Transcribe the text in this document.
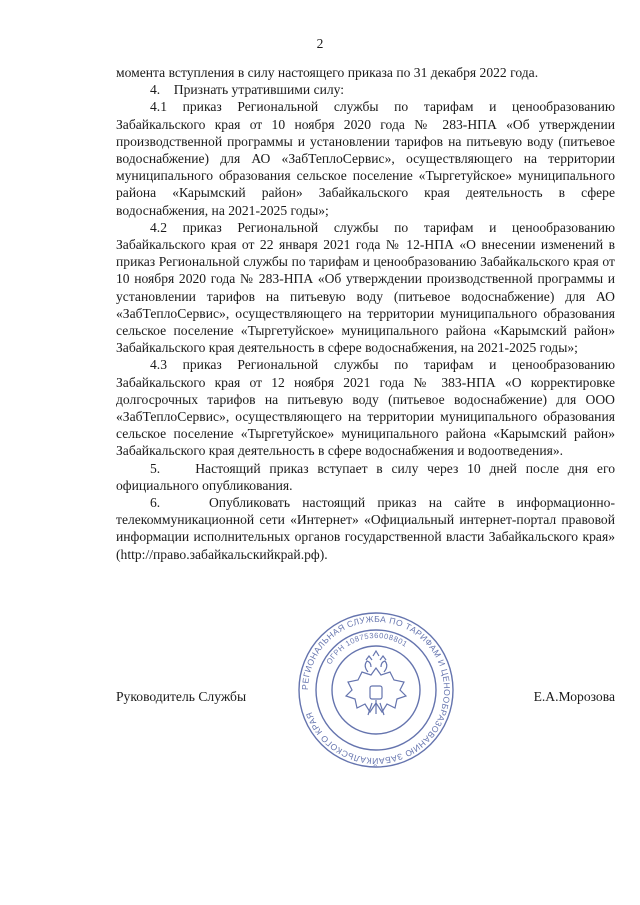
2

момента вступления в силу настоящего приказа по 31 декабря 2022 года.

4.    Признать утратившими силу:

4.1 приказ Региональной службы по тарифам и ценообразованию Забайкальского края от 10 ноября 2020 года № 283-НПА «Об утверждении производственной программы и установлении тарифов на питьевую воду (питьевое водоснабжение) для АО «ЗабТеплоСервис», осуществляющего на территории муниципального образования сельское поселение «Тыргетуйское» муниципального района «Карымский район» Забайкальского края деятельность в сфере водоснабжения, на 2021-2025 годы»;

4.2 приказ Региональной службы по тарифам и ценообразованию Забайкальского края от 22 января 2021 года № 12-НПА «О внесении изменений в приказ Региональной службы по тарифам и ценообразованию Забайкальского края от 10 ноября 2020 года № 283-НПА «Об утверждении производственной программы и установлении тарифов на питьевую воду (питьевое водоснабжение) для АО «ЗабТеплоСервис», осуществляющего на территории муниципального образования сельское поселение «Тыргетуйское» муниципального района «Карымский район» Забайкальского края деятельность в сфере водоснабжения, на 2021-2025 годы»;

4.3 приказ Региональной службы по тарифам и ценообразованию Забайкальского края от 12 ноября 2021 года № 383-НПА «О корректировке долгосрочных тарифов на питьевую воду (питьевое водоснабжение) для ООО «ЗабТеплоСервис», осуществляющего на территории муниципального образования сельское поселение «Тыргетуйское» муниципального района «Карымский район» Забайкальского края деятельность в сфере водоснабжения и водоотведения».

5.    Настоящий приказ вступает в силу через 10 дней после дня его официального опубликования.

6.    Опубликовать настоящий приказ на сайте в информационно-телекоммуникационной сети «Интернет» «Официальный интернет-портал правовой информации исполнительных органов государственной власти Забайкальского края» (http://право.забайкальскийкрай.рф).

РЕГИОНАЛЬНАЯ СЛУЖБА ПО ТАРИФАМ И ЦЕНООБРАЗОВАНИЮ ЗАБАЙКАЛЬСКОГО КРАЯ
ОГРН 1087536008801
Руководитель Службы	Е.А.Морозова
